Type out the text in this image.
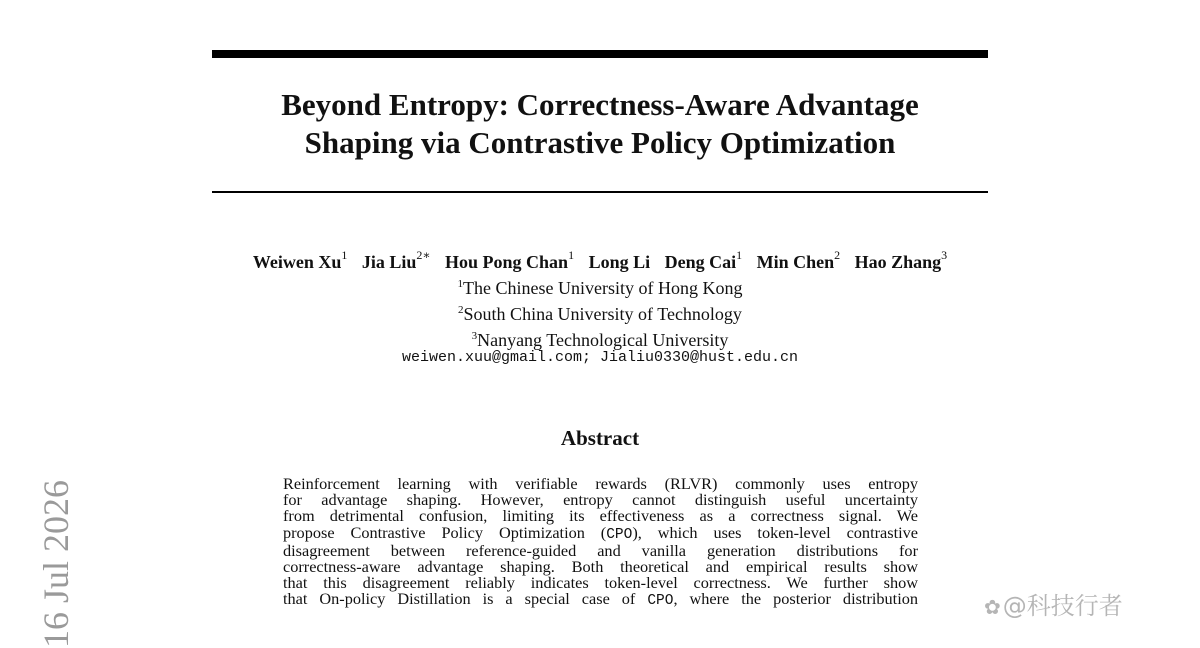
Beyond Entropy: Correctness-Aware Advantage
Shaping via Contrastive Policy Optimization
Weiwen Xu$^1$ Jia Liu$^{2∗}$ Hou Pong Chan$^1$ Long Li Deng Cai$^1$ Min Chen$^2$ Hao Zhang$^3$
$^1$The Chinese University of Hong Kong
$^2$South China University of Technology
$^3$Nanyang Technological University
weiwen.xuu@gmail.com; Jialiu0330@hust.edu.cn
Abstract
Reinforcement learning with verifiable rewards (RLVR) commonly uses entropy
for advantage shaping. However, entropy cannot distinguish useful uncertainty
from detrimental confusion, limiting its effectiveness as a correctness signal. We
propose Contrastive Policy Optimization (CPO), which uses token-level contrastive
disagreement between reference-guided and vanilla generation distributions for
correctness-aware advantage shaping. Both theoretical and empirical results show
that this disagreement reliably indicates token-level correctness. We further show
that On-policy Distillation is a special case of CPO, where the posterior distribution
16 Jul 2026	✿@科技行者
